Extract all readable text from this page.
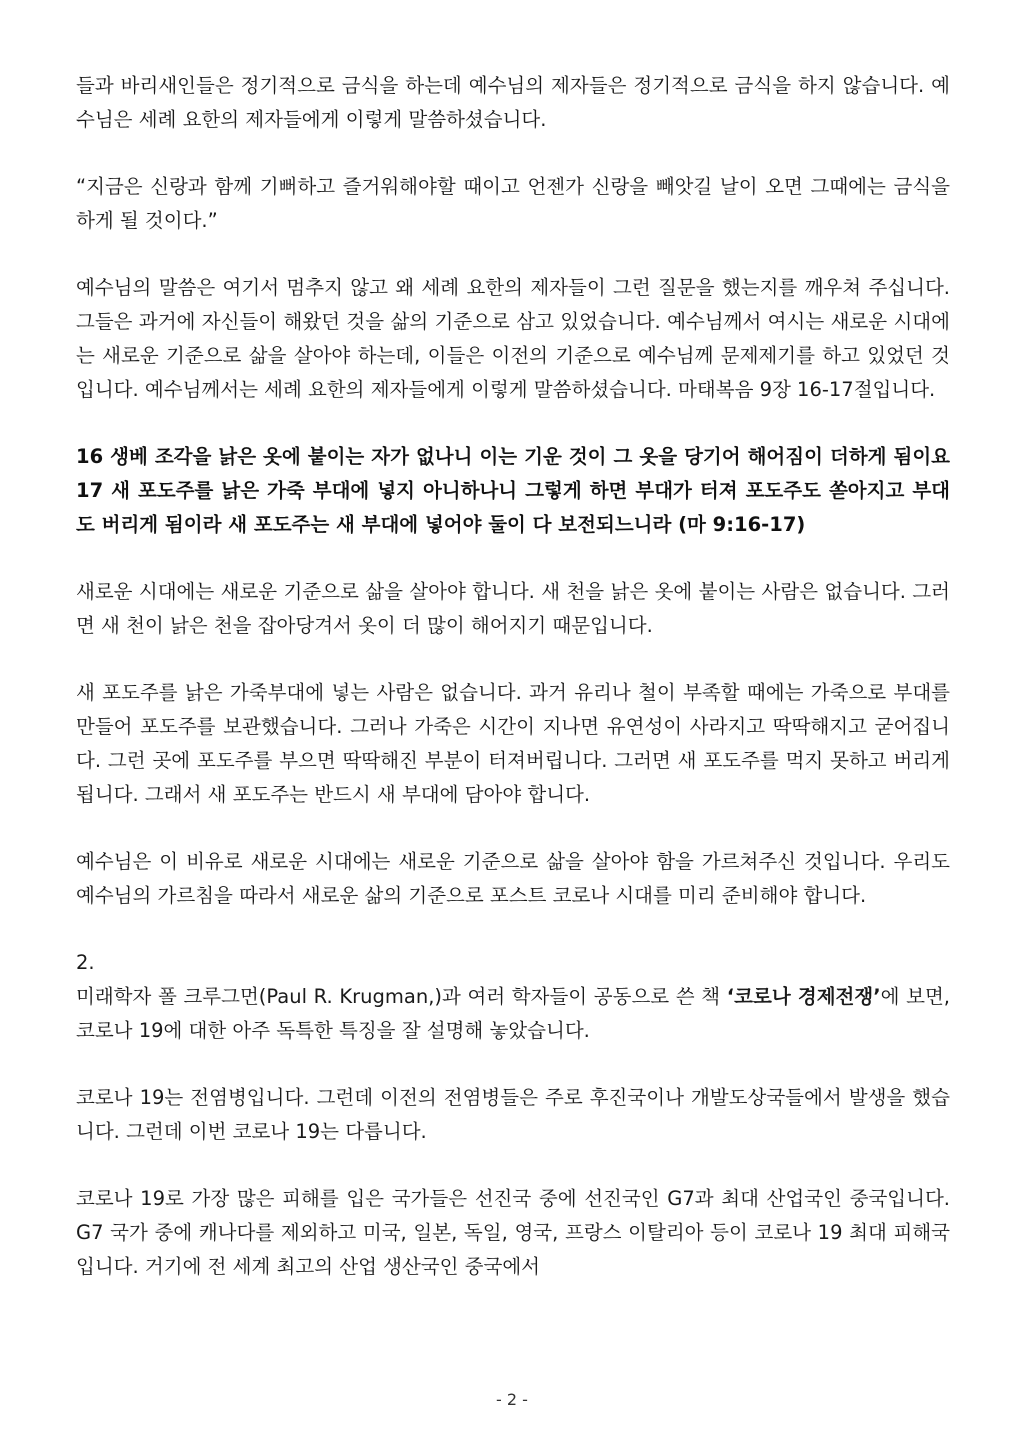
들과 바리새인들은 정기적으로 금식을 하는데 예수님의 제자들은 정기적으로 금식을 하지 않습니다. 예수님은 세례 요한의 제자들에게 이렇게 말씀하셨습니다.

“지금은 신랑과 함께 기뻐하고 즐거워해야할 때이고 언젠가 신랑을 빼앗길 날이 오면 그때에는 금식을 하게 될 것이다.”

예수님의 말씀은 여기서 멈추지 않고 왜 세례 요한의 제자들이 그런 질문을 했는지를 깨우쳐 주십니다. 그들은 과거에 자신들이 해왔던 것을 삶의 기준으로 삼고 있었습니다. 예수님께서 여시는 새로운 시대에는 새로운 기준으로 삶을 살아야 하는데, 이들은 이전의 기준으로 예수님께 문제제기를 하고 있었던 것입니다. 예수님께서는 세례 요한의 제자들에게 이렇게 말씀하셨습니다. 마태복음 9장 16-17절입니다.

16 생베 조각을 낡은 옷에 붙이는 자가 없나니 이는 기운 것이 그 옷을 당기어 해어짐이 더하게 됨이요 17 새 포도주를 낡은 가죽 부대에 넣지 아니하나니 그렇게 하면 부대가 터져 포도주도 쏟아지고 부대도 버리게 됨이라 새 포도주는 새 부대에 넣어야 둘이 다 보전되느니라 (마 9:16-17)

새로운 시대에는 새로운 기준으로 삶을 살아야 합니다. 새 천을 낡은 옷에 붙이는 사람은 없습니다. 그러면 새 천이 낡은 천을 잡아당겨서 옷이 더 많이 해어지기 때문입니다.

새 포도주를 낡은 가죽부대에 넣는 사람은 없습니다. 과거 유리나 철이 부족할 때에는 가죽으로 부대를 만들어 포도주를 보관했습니다. 그러나 가죽은 시간이 지나면 유연성이 사라지고 딱딱해지고 굳어집니다. 그런 곳에 포도주를 부으면 딱딱해진 부분이 터져버립니다. 그러면 새 포도주를 먹지 못하고 버리게 됩니다. 그래서 새 포도주는 반드시 새 부대에 담아야 합니다.

예수님은 이 비유로 새로운 시대에는 새로운 기준으로 삶을 살아야 함을 가르쳐주신 것입니다. 우리도 예수님의 가르침을 따라서 새로운 삶의 기준으로 포스트 코로나 시대를 미리 준비해야 합니다.

2.

미래학자 폴 크루그먼(Paul R. Krugman,)과 여러 학자들이 공동으로 쓴 책 ‘코로나 경제전쟁’에 보면, 코로나 19에 대한 아주 독특한 특징을 잘 설명해 놓았습니다.

코로나 19는 전염병입니다. 그런데 이전의 전염병들은 주로 후진국이나 개발도상국들에서 발생을 했습니다. 그런데 이번 코로나 19는 다릅니다.

코로나 19로 가장 많은 피해를 입은 국가들은 선진국 중에 선진국인 G7과 최대 산업국인 중국입니다. G7 국가 중에 캐나다를 제외하고 미국, 일본, 독일, 영국, 프랑스 이탈리아 등이 코로나 19 최대 피해국입니다. 거기에 전 세계 최고의 산업 생산국인 중국에서

- 2 -
